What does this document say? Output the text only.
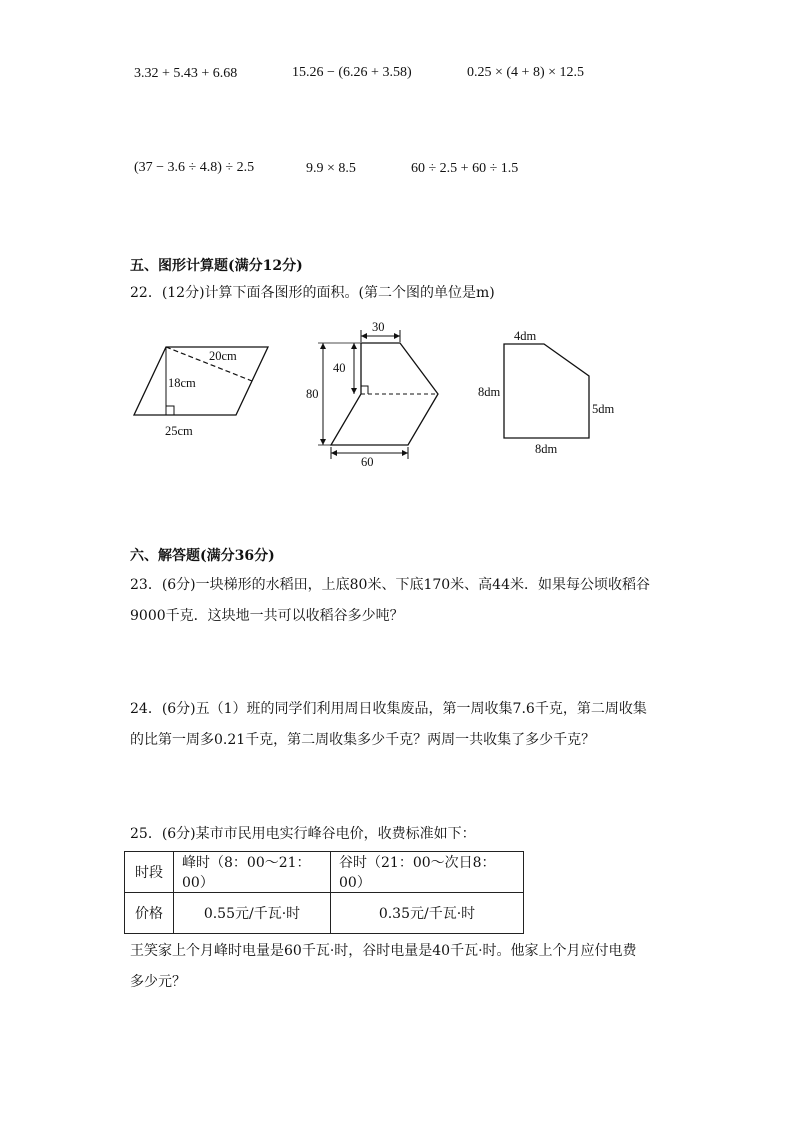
3.32 + 5.43 + 6.68	15.26 − (6.26 + 3.58)	0.25 × (4 + 8) × 12.5
(37 − 3.6 ÷ 4.8) ÷ 2.5	9.9 × 8.5	60 ÷ 2.5 + 60 ÷ 1.5
五、图形计算题(满分12分)
22．(12分)计算下面各图形的面积。(第二个图的单位是m)
20cm
18cm
25cm
30
40
80
60
4dm
8dm
5dm
8dm
六、解答题(满分36分)
23．(6分)一块梯形的水稻田，上底80米、下底170米、高44米．如果每公顷收稻谷
9000千克．这块地一共可以收稻谷多少吨？
24．(6分)五（1）班的同学们利用周日收集废品，第一周收集7.6千克，第二周收集
的比第一周多0.21千克，第二周收集多少千克？两周一共收集了多少千克？
25．(6分)某市市民用电实行峰谷电价，收费标准如下：
时段	峰时（8：00～21：00）	谷时（21：00～次日8：00）
价格	0.55元/千瓦·时	0.35元/千瓦·时
王笑家上个月峰时电量是60千瓦·时，谷时电量是40千瓦·时。他家上个月应付电费
多少元？
